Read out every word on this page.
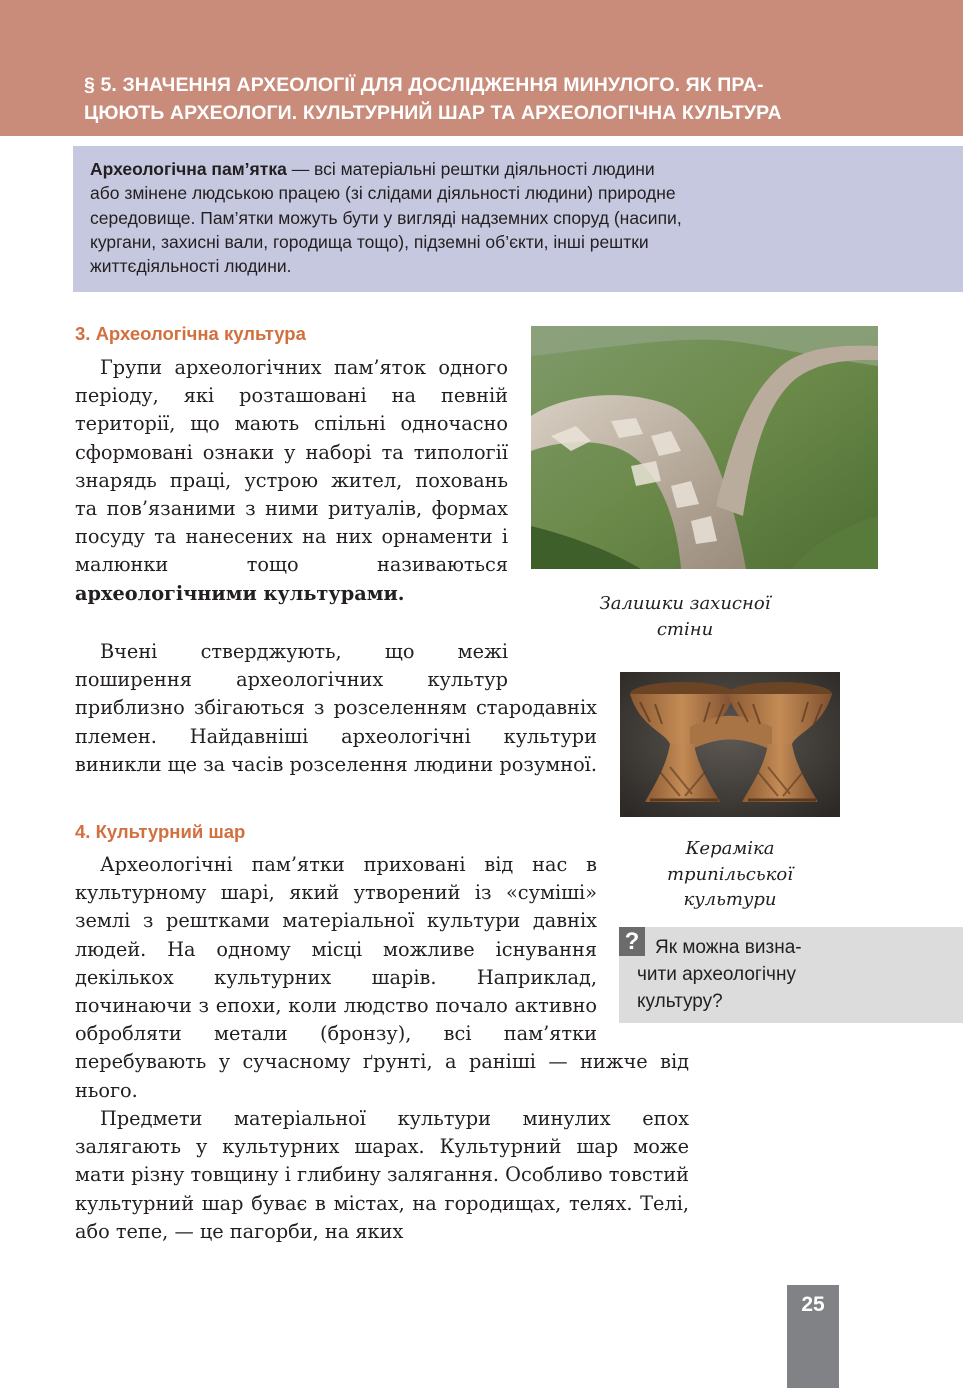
§ 5. ЗНАЧЕННЯ АРХЕОЛОГІЇ ДЛЯ ДОСЛІДЖЕННЯ МИНУЛОГО. ЯК ПРА-
ЦЮЮТЬ АРХЕОЛОГИ. КУЛЬТУРНИЙ ШАР ТА АРХЕОЛОГІЧНА КУЛЬТУРА
Археологічна пам’ятка — всі матеріальні рештки діяльності людини
або змінене людською працею (зі слідами діяльності людини) природне
середовище. Пам’ятки можуть бути у вигляді надземних споруд (насипи,
кургани, захисні вали, городища тощо), підземні об’єкти, інші рештки
життєдіяльності людини.
3. Археологічна культура

Групи археологічних пам’яток одного періоду, які розташовані на певній території, що мають спільні одночасно сформовані ознаки у наборі та типології знарядь праці, устрою жител, поховань та пов’язаними з ними ритуалів, формах посуду та нанесених на них орнаменти і малюнки тощо називаються археологічними культурами.

Вчені стверджують, що межі поширення археологічних культур приблизно збігаються з розселенням стародавніх племен. Найдавніші археологічні культури виникли ще за часів розселення людини розумної.

Залишки захисної
стіни
Кераміка
трипільської
культури
4. Культурний шар

Археологічні пам’ятки приховані від нас в культурному шарі, який утворений із «суміші» землі з рештками матеріальної культури давніх людей. На одному місці можливе існування декількох культурних шарів. Наприклад, починаючи з епохи, коли людство почало активно обробляти метали (бронзу), всі пам’ятки перебувають у сучасному ґрунті, а раніші — нижче від нього.

Предмети матеріальної культури минулих епох залягають у культурних шарах. Культурний шар може мати різну товщину і глибину залягання. Особливо товстий культурний шар буває в містах, на городищах, телях. Телі, або тепе, — це пагорби, на яких

? Як можна визна-
чити археологічну
культуру?
25
